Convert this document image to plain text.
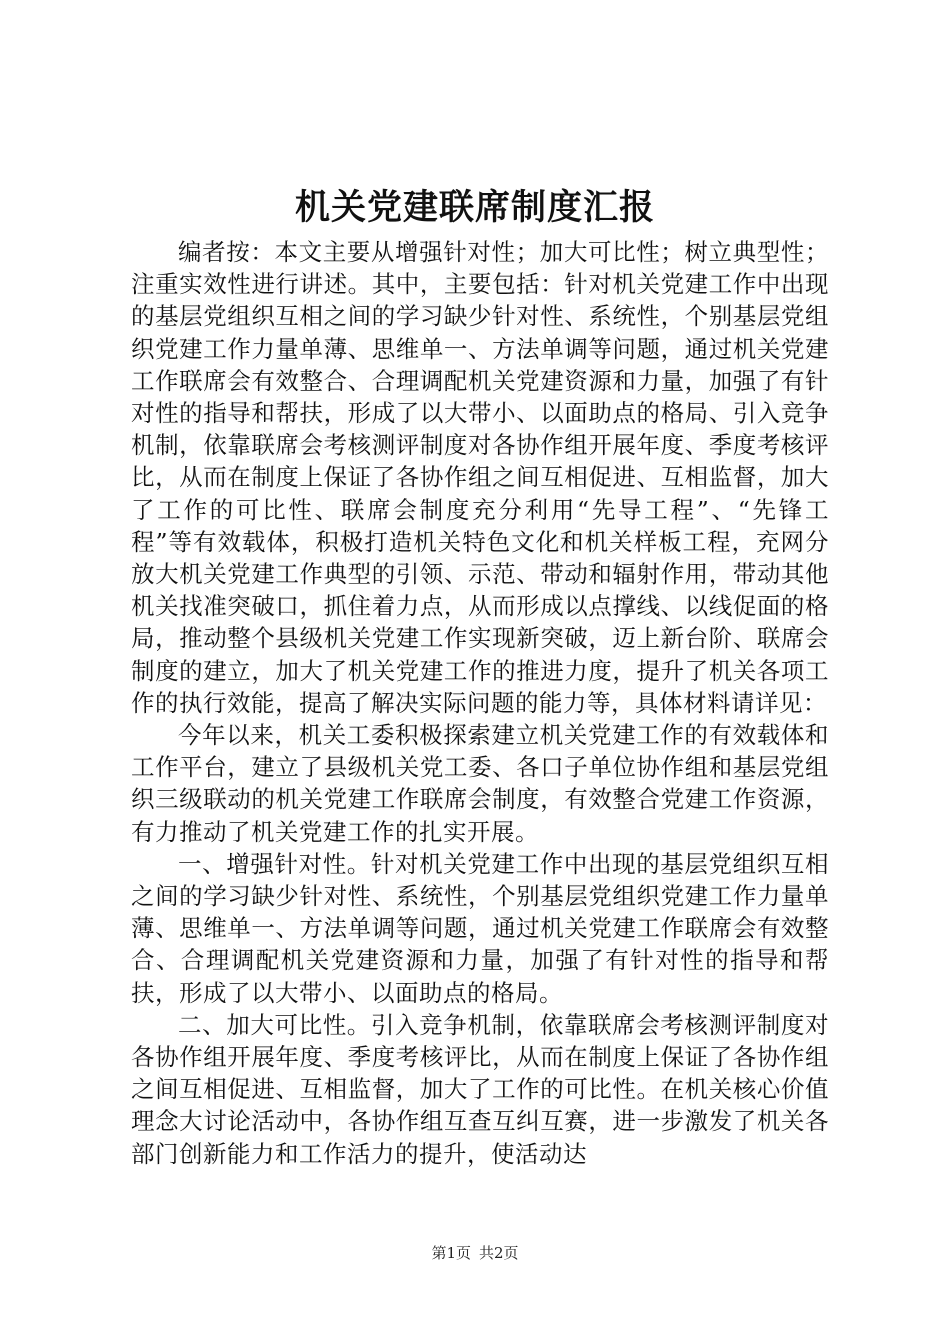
机关党建联席制度汇报

编者按：本文主要从增强针对性；加大可比性；树立典型性；注重实效性进行讲述。其中，主要包括：针对机关党建工作中出现的基层党组织互相之间的学习缺少针对性、系统性，个别基层党组织党建工作力量单薄、思维单一、方法单调等问题，通过机关党建工作联席会有效整合、合理调配机关党建资源和力量，加强了有针对性的指导和帮扶，形成了以大带小、以面助点的格局、引入竞争机制，依靠联席会考核测评制度对各协作组开展年度、季度考核评比，从而在制度上保证了各协作组之间互相促进、互相监督，加大了工作的可比性、联席会制度充分利用“先导工程”、“先锋工程”等有效载体，积极打造机关特色文化和机关样板工程，充网分放大机关党建工作典型的引领、示范、带动和辐射作用，带动其他机关找准突破口，抓住着力点，从而形成以点撑线、以线促面的格局，推动整个县级机关党建工作实现新突破，迈上新台阶、联席会制度的建立，加大了机关党建工作的推进力度，提升了机关各项工作的执行效能，提高了解决实际问题的能力等，具体材料请详见：

今年以来，机关工委积极探索建立机关党建工作的有效载体和工作平台，建立了县级机关党工委、各口子单位协作组和基层党组织三级联动的机关党建工作联席会制度，有效整合党建工作资源，有力推动了机关党建工作的扎实开展。

一、增强针对性。针对机关党建工作中出现的基层党组织互相之间的学习缺少针对性、系统性，个别基层党组织党建工作力量单薄、思维单一、方法单调等问题，通过机关党建工作联席会有效整合、合理调配机关党建资源和力量，加强了有针对性的指导和帮扶，形成了以大带小、以面助点的格局。

二、加大可比性。引入竞争机制，依靠联席会考核测评制度对各协作组开展年度、季度考核评比，从而在制度上保证了各协作组之间互相促进、互相监督，加大了工作的可比性。在机关核心价值理念大讨论活动中，各协作组互查互纠互赛，进一步激发了机关各部门创新能力和工作活力的提升，使活动达

第1页 共2页
